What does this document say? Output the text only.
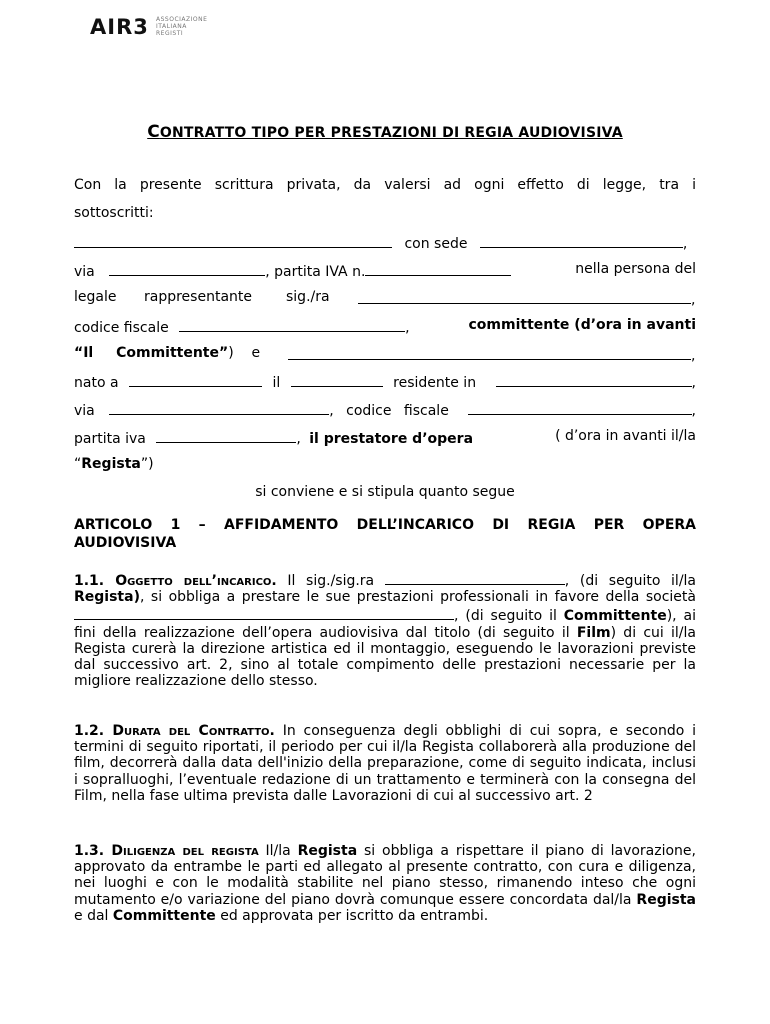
AIR3 ASSOCIAZIONE
ITALIANA
REGISTI
CONTRATTO TIPO PER PRESTAZIONI DI REGIA AUDIOVISIVA
Con la presente scrittura privata, da valersi ad ogni effetto di legge, tra i
sottoscritti:
con sede	,
via	, partita IVA n.	nella persona del
legale rappresentante sig./ra	,
codice fiscale	,	committente (d’ora in avanti
“Il Committente”)    e	,
nato a	il	residente in	,
via	, codice fiscale	,
partita iva	, il prestatore d’opera	( d’ora in avanti il/la
“Regista”)
si conviene e si stipula quanto segue
ARTICOLO 1 – AFFIDAMENTO DELL’INCARICO DI REGIA PER OPERA
AUDIOVISIVA
1.1. Oggetto dell’incarico. Il sig./sig.ra	, (di seguito il/la Regista), si obbliga a prestare le sue prestazioni professionali in favore della società , (di seguito il Committente), ai fini della realizzazione dell’opera audiovisiva dal titolo (di seguito il Film) di cui il/la Regista curerà la direzione artistica ed il montaggio, eseguendo le lavorazioni previste dal successivo art. 2, sino al totale compimento delle prestazioni necessarie per la migliore realizzazione dello stesso.
1.2. Durata del Contratto. In conseguenza degli obblighi di cui sopra, e secondo i termini di seguito riportati, il periodo per cui il/la Regista collaborerà alla produzione del film, decorrerà dalla data dell'inizio della preparazione, come di seguito indicata, inclusi i sopralluoghi, l’eventuale redazione di un trattamento e terminerà con la consegna del Film, nella fase ultima prevista dalle Lavorazioni di cui al successivo art. 2
1.3. Diligenza del regista Il/la Regista si obbliga a rispettare il piano di lavorazione, approvato da entrambe le parti ed allegato al presente contratto, con cura e diligenza, nei luoghi e con le modalità stabilite nel piano stesso, rimanendo inteso che ogni mutamento e/o variazione del piano dovrà comunque essere concordata dal/la Regista e dal Committente ed approvata per iscritto da entrambi.
